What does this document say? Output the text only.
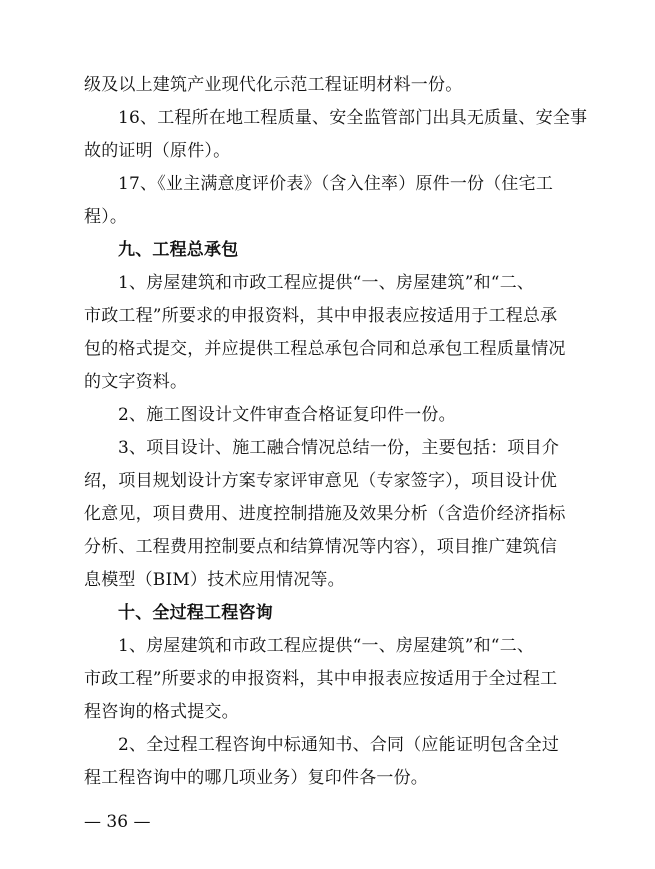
级及以上建筑产业现代化示范工程证明材料一份。
16、工程所在地工程质量、安全监管部门出具无质量、安全事
故的证明（原件）。
17、《业主满意度评价表》（含入住率）原件一份（住宅工
程）。
九、工程总承包
1、房屋建筑和市政工程应提供“一、房屋建筑”和“二、
市政工程”所要求的申报资料，其中申报表应按适用于工程总承
包的格式提交，并应提供工程总承包合同和总承包工程质量情况
的文字资料。
2、施工图设计文件审查合格证复印件一份。
3、项目设计、施工融合情况总结一份，主要包括：项目介
绍，项目规划设计方案专家评审意见（专家签字），项目设计优
化意见，项目费用、进度控制措施及效果分析（含造价经济指标
分析、工程费用控制要点和结算情况等内容），项目推广建筑信
息模型（BIM）技术应用情况等。
十、全过程工程咨询
1、房屋建筑和市政工程应提供“一、房屋建筑”和“二、
市政工程”所要求的申报资料，其中申报表应按适用于全过程工
程咨询的格式提交。
2、全过程工程咨询中标通知书、合同（应能证明包含全过
程工程咨询中的哪几项业务）复印件各一份。
— 36 —
